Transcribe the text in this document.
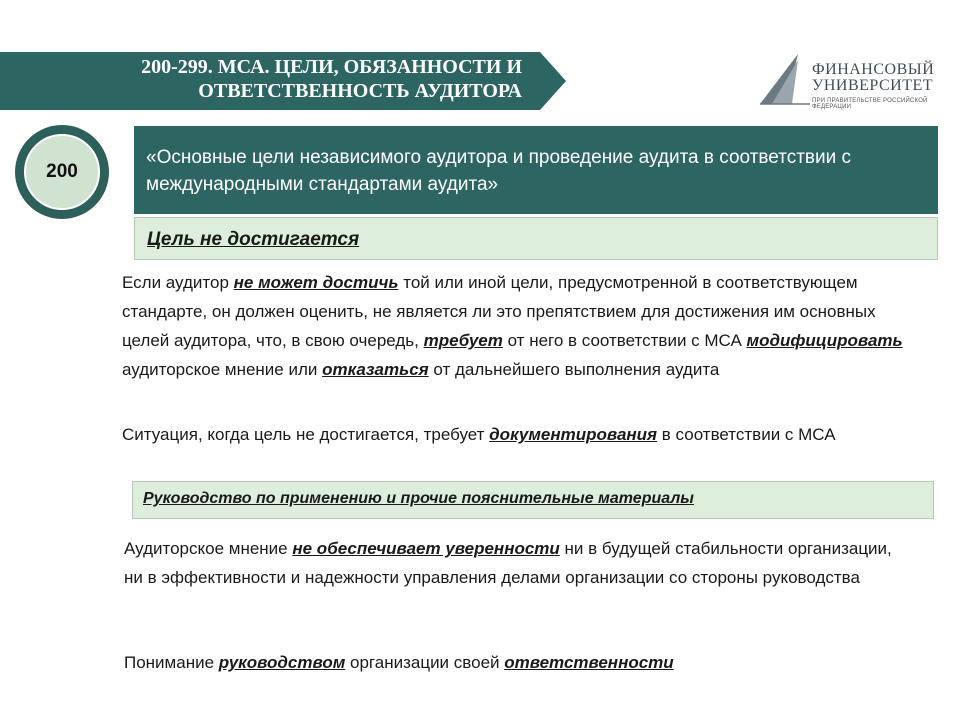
200-299. МСА. ЦЕЛИ, ОБЯЗАННОСТИ И
ОТВЕТСТВЕННОСТЬ АУДИТОРА
ФИНАНСОВЫЙ
УНИВЕРСИТЕТ
ПРИ ПРАВИТЕЛЬСТВЕ РОССИЙСКОЙ ФЕДЕРАЦИИ
200
«Основные цели независимого аудитора и проведение аудита в соответствии с международными стандартами аудита»
Цель не достигается
Если аудитор не может достичь той или иной цели, предусмотренной в соответствующем стандарте, он должен оценить, не является ли это препятствием для достижения им основных целей аудитора, что, в свою очередь, требует от него в соответствии с МСА модифицировать аудиторское мнение или отказаться от дальнейшего выполнения аудита
Ситуация, когда цель не достигается, требует документирования в соответствии с МСА
Руководство по применению и прочие пояснительные материалы
Аудиторское мнение не обеспечивает уверенности ни в будущей стабильности организации, ни в эффективности и надежности управления делами организации со стороны руководства
Понимание руководством организации своей ответственности
